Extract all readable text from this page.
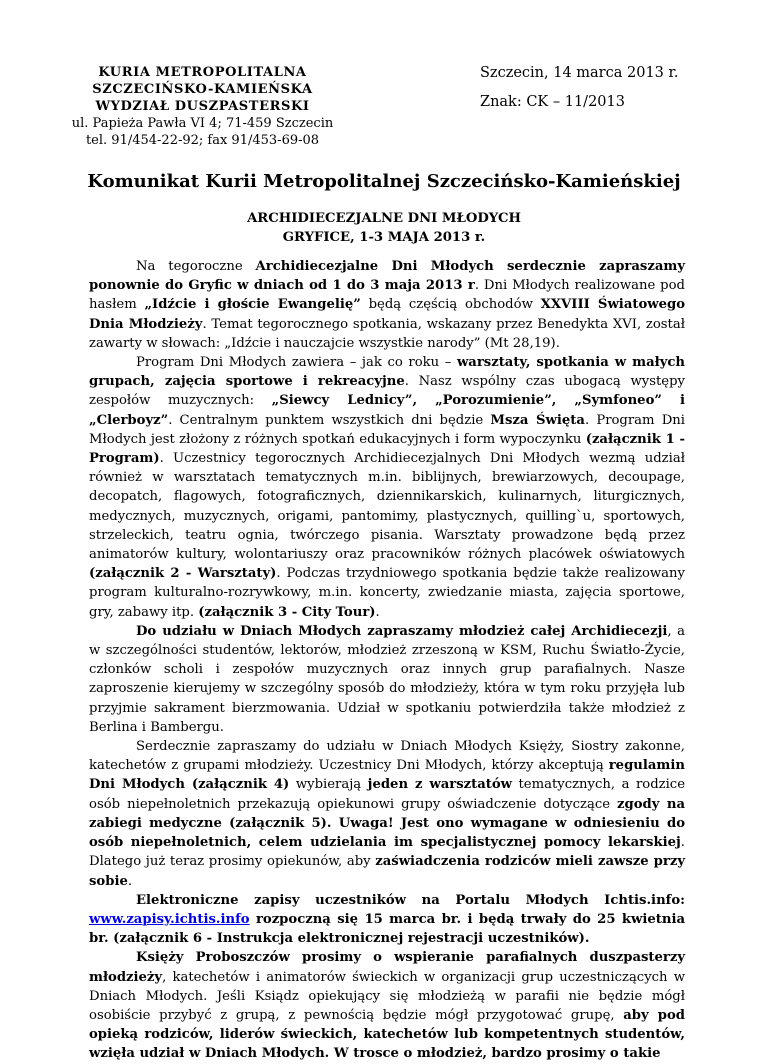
KURIA METROPOLITALNA
SZCZECIŃSKO-KAMIEŃSKA
WYDZIAŁ DUSZPASTERSKI
ul. Papieża Pawła VI 4; 71-459 Szczecin
tel. 91/454-22-92; fax 91/453-69-08
Szczecin, 14 marca 2013 r.
Znak: CK – 11/2013
Komunikat Kurii Metropolitalnej Szczecińsko-Kamieńskiej
ARCHIDIECEZJALNE DNI MŁODYCH
GRYFICE, 1-3 MAJA 2013 r.

Na tegoroczne Archidiecezjalne Dni Młodych serdecznie zapraszamy ponownie do Gryfic w dniach od 1 do 3 maja 2013 r. Dni Młodych realizowane pod hasłem „Idźcie i głoście Ewangelię” będą częścią obchodów XXVIII Światowego Dnia Młodzieży. Temat tegorocznego spotkania, wskazany przez Benedykta XVI, został zawarty w słowach: „Idźcie i nauczajcie wszystkie narody” (Mt 28,19).

Program Dni Młodych zawiera – jak co roku – warsztaty, spotkania w małych grupach, zajęcia sportowe i rekreacyjne. Nasz wspólny czas ubogacą występy zespołów muzycznych: „Siewcy Lednicy”, „Porozumienie”, „Symfoneo” i „Clerboyz”. Centralnym punktem wszystkich dni będzie Msza Święta. Program Dni Młodych jest złożony z różnych spotkań edukacyjnych i form wypoczynku (załącznik 1 - Program). Uczestnicy tegorocznych Archidiecezjalnych Dni Młodych wezmą udział również w warsztatach tematycznych m.in. biblijnych, brewiarzowych, decoupage, decopatch, flagowych, fotograficznych, dziennikarskich, kulinarnych, liturgicznych, medycznych, muzycznych, origami, pantomimy, plastycznych, quilling`u, sportowych, strzeleckich, teatru ognia, twórczego pisania. Warsztaty prowadzone będą przez animatorów kultury, wolontariuszy oraz pracowników różnych placówek oświatowych (załącznik 2 - Warsztaty). Podczas trzydniowego spotkania będzie także realizowany program kulturalno-rozrywkowy, m.in. koncerty, zwiedzanie miasta, zajęcia sportowe, gry, zabawy itp. (załącznik 3 - City Tour).

Do udziału w Dniach Młodych zapraszamy młodzież całej Archidiecezji, a w szczególności studentów, lektorów, młodzież zrzeszoną w KSM, Ruchu Światło-Życie, członków scholi i zespołów muzycznych oraz innych grup parafialnych. Nasze zaproszenie kierujemy w szczególny sposób do młodzieży, która w tym roku przyjęła lub przyjmie sakrament bierzmowania. Udział w spotkaniu potwierdziła także młodzież z Berlina i Bambergu.

Serdecznie zapraszamy do udziału w Dniach Młodych Księży, Siostry zakonne, katechetów z grupami młodzieży. Uczestnicy Dni Młodych, którzy akceptują regulamin Dni Młodych (załącznik 4) wybierają jeden z warsztatów tematycznych, a rodzice osób niepełnoletnich przekazują opiekunowi grupy oświadczenie dotyczące zgody na zabiegi medyczne (załącznik 5). Uwaga! Jest ono wymagane w odniesieniu do osób niepełnoletnich, celem udzielania im specjalistycznej pomocy lekarskiej. Dlatego już teraz prosimy opiekunów, aby zaświadczenia rodziców mieli zawsze przy sobie.

Elektroniczne zapisy uczestników na Portalu Młodych Ichtis.info: www.zapisy.ichtis.info rozpoczną się 15 marca br. i będą trwały do 25 kwietnia br. (załącznik 6 - Instrukcja elektronicznej rejestracji uczestników).

Księży Proboszczów prosimy o wspieranie parafialnych duszpasterzy młodzieży, katechetów i animatorów świeckich w organizacji grup uczestniczących w Dniach Młodych. Jeśli Ksiądz opiekujący się młodzieżą w parafii nie będzie mógł osobiście przybyć z grupą, z pewnością będzie mógł przygotować grupę, aby pod opieką rodziców, liderów świeckich, katechetów lub kompetentnych studentów, wzięła udział w Dniach Młodych. W trosce o młodzież, bardzo prosimy o takie
